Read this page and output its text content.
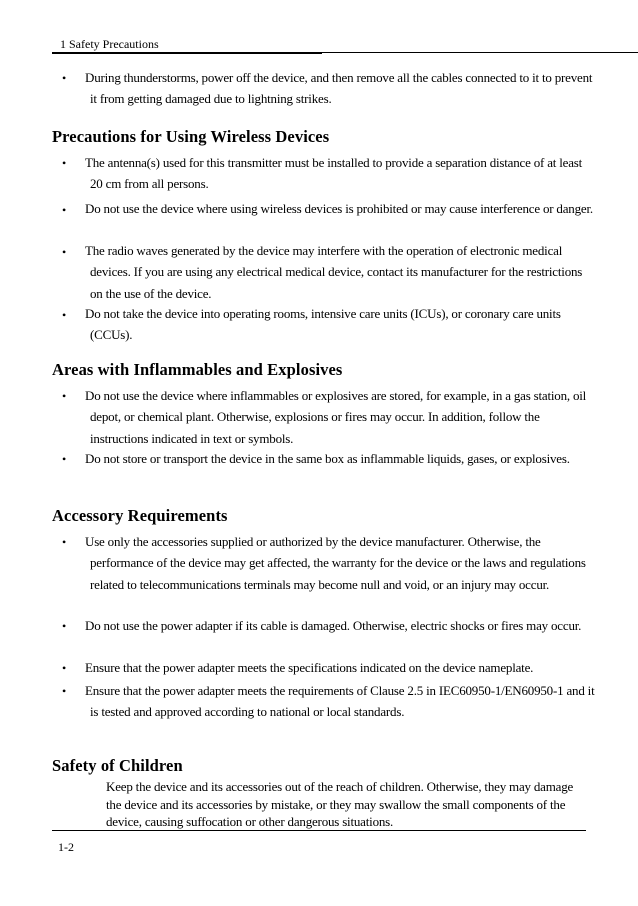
1 Safety Precautions
• During thunderstorms, power off the device, and then remove all the cables connected to it to prevent it from getting damaged due to lightning strikes.
Precautions for Using Wireless Devices
• The antenna(s) used for this transmitter must be installed to provide a separation distance of at least 20 cm from all persons.
• Do not use the device where using wireless devices is prohibited or may cause interference or danger.
• The radio waves generated by the device may interfere with the operation of electronic medical devices. If you are using any electrical medical device, contact its manufacturer for the restrictions on the use of the device.
• Do not take the device into operating rooms, intensive care units (ICUs), or coronary care units (CCUs).
Areas with Inflammables and Explosives
• Do not use the device where inflammables or explosives are stored, for example, in a gas station, oil depot, or chemical plant. Otherwise, explosions or fires may occur. In addition, follow the instructions indicated in text or symbols.
• Do not store or transport the device in the same box as inflammable liquids, gases, or explosives.
Accessory Requirements
• Use only the accessories supplied or authorized by the device manufacturer. Otherwise, the performance of the device may get affected, the warranty for the device or the laws and regulations related to telecommunications terminals may become null and void, or an injury may occur.
• Do not use the power adapter if its cable is damaged. Otherwise, electric shocks or fires may occur.
• Ensure that the power adapter meets the specifications indicated on the device nameplate.
• Ensure that the power adapter meets the requirements of Clause 2.5 in IEC60950-1/EN60950-1 and it is tested and approved according to national or local standards.
Safety of Children
Keep the device and its accessories out of the reach of children. Otherwise, they may damage the device and its accessories by mistake, or they may swallow the small components of the device, causing suffocation or other dangerous situations.
1-2
